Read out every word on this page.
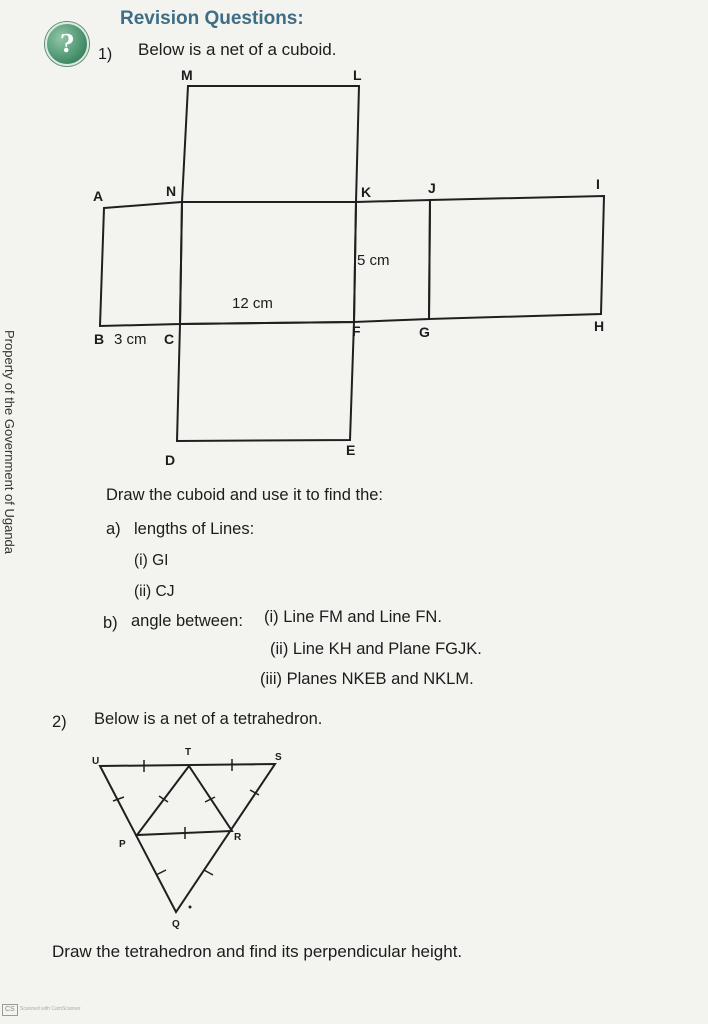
?
Revision Questions:
Property of the Government of Uganda
1) Below is a net of a cuboid.
M	L
A	N	K	J	I
B	C	F	G	H
D
E
12 cm
5 cm
3 cm
Draw the cuboid and use it to find the:
a) lengths of Lines:
(i) GI
(ii) CJ
b) angle between: (i) Line FM and Line FN.
(ii) Line KH and Plane FGJK.
(iii) Planes NKEB and NKLM.
2) Below is a net of a tetrahedron.
U
T	S
P
R
Q
Draw the tetrahedron and find its perpendicular height.
CS	Scanned with CamScanner
